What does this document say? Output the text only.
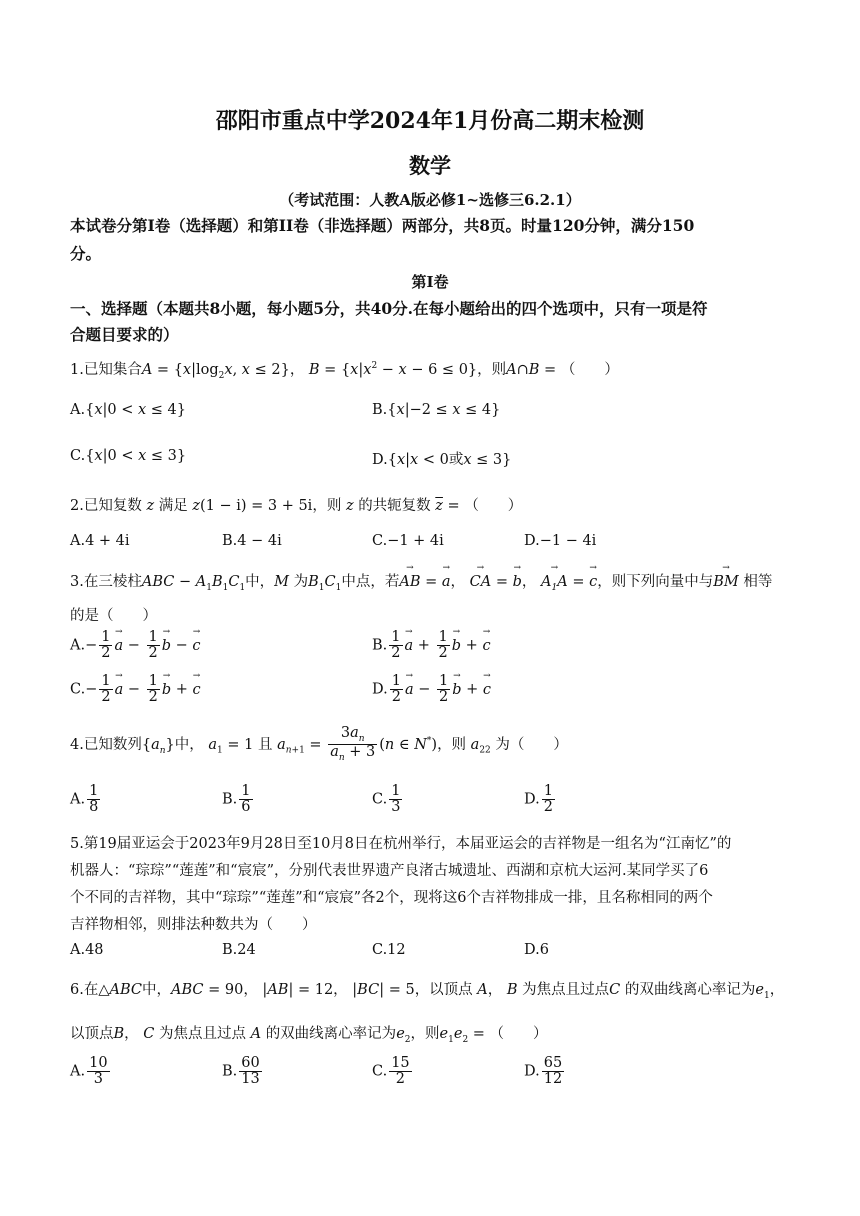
邵阳市重点中学2024年1月份高二期末检测
数学
（考试范围：人教A版必修1~选修三6.2.1）
本试卷分第I卷（选择题）和第II卷（非选择题）两部分，共8页。时量120分钟，满分150
分。
第I卷
一、选择题（本题共8小题，每小题5分，共40分.在每小题给出的四个选项中，只有一项是符
合题目要求的）
1.已知集合$A = \{x|\log_2x$, x ≤ 2}， $B = \{x|x^2 - x - 6 \le 0\}$，则A∩B = （　　）
A.{x|0 < x ≤ 4}	B.{x|−2 ≤ x ≤ 4}
C.{x|0 < x ≤ 3}	D.{x|x < 0或x ≤ 3}
2.已知复数 z 满足 z(1 − i) = 3 + 5i，则 z 的共轭复数 $\overline{z}$ = （　　）
A.4 + 4i	B.4 − 4i	C.−1 + 4i	D.−1 − 4i
3.在三棱柱ABC − $A_1B_1C_1$中，M 为$B_1C_1$中点，若→ AB = → a， → CA = → b， → $A_1A$ = → c，则下列向量中与→ BM 相等
的是（　　）
$A.- \frac{1}{2} \to a - \frac{1}{2} \to b$ − → c	B. $\frac{1}{2} \to a + \frac{1}{2} \to b$ + → c
$C.- \frac{1}{2} \to a - \frac{1}{2} \to b$ + → c	D. $\frac{1}{2} \to a - \frac{1}{2} \to b$ + → c
4.已知数列$\{a_n\}$中， $a_1 = 1$ 且 $a_{n+1} = \frac{3a_n}{a_n + 3} (n$ ∈ N*)，则 $a_{22}$ 为（　　）
A. $\frac{1}{8}$	B. $\frac{1}{6}$	C. $\frac{1}{3}$	D. $\frac{1}{2}$
5.第19届亚运会于2023年9月28日至10月8日在杭州举行，本届亚运会的吉祥物是一组名为“江南忆”的
机器人：“琮琮”“莲莲”和“宸宸”，分别代表世界遗产良渚古城遗址、西湖和京杭大运河.某同学买了6
个不同的吉祥物，其中“琮琮”“莲莲”和“宸宸”各2个，现将这6个吉祥物排成一排，且名称相同的两个
吉祥物相邻，则排法种数共为（　　）
A.48	B.24	C.12	D.6
6.在△ABC中，ABC = 90， |AB| = 12， |BC| = 5，以顶点 A， B 为焦点且过点C 的双曲线离心率记为$e_1$，
以顶点B， C 为焦点且过点 A 的双曲线离心率记为$e_2$，则$e_1e_2$ = （　　）
A. $\frac{10}{3}$	B. $\frac{60}{13}$	C. $\frac{15}{2}$	D. $\frac{65}{12}$
